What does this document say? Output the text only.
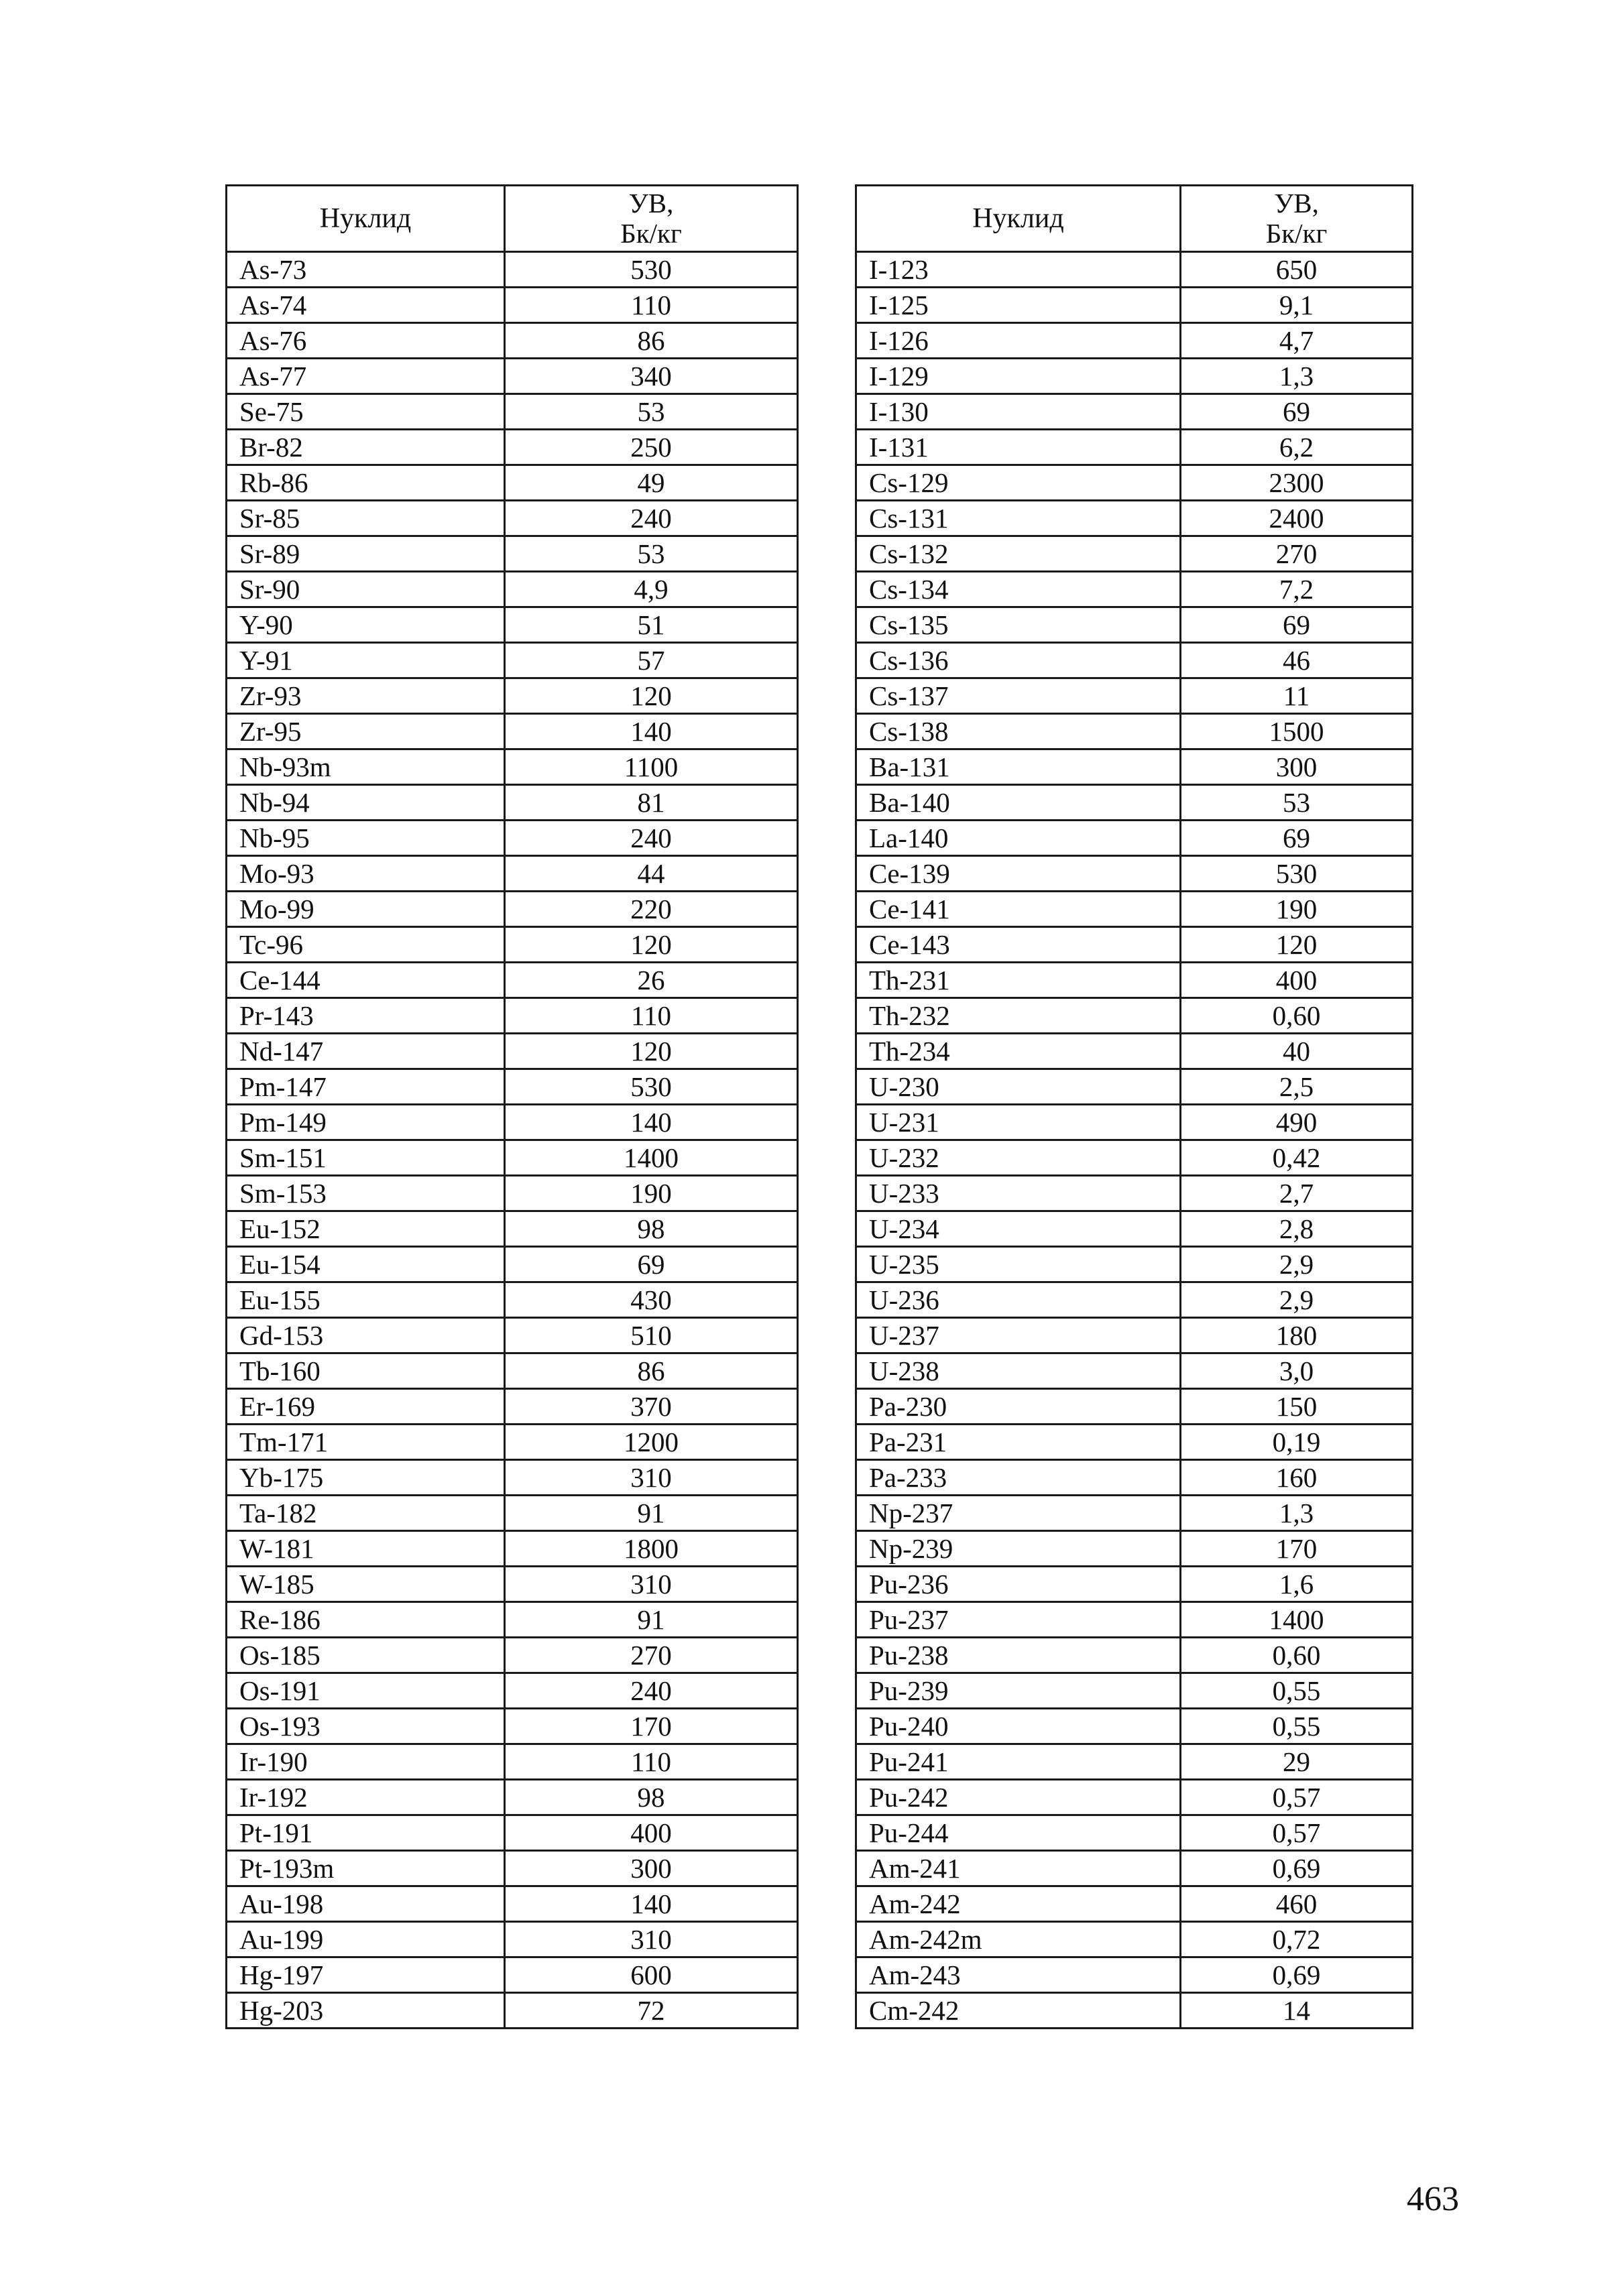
Нуклид	УВ,
Бк/кг
As-73	530
As-74	110
As-76	86
As-77	340
Se-75	53
Br-82	250
Rb-86	49
Sr-85	240
Sr-89	53
Sr-90	4,9
Y-90	51
Y-91	57
Zr-93	120
Zr-95	140
Nb-93m	1100
Nb-94	81
Nb-95	240
Mo-93	44
Mo-99	220
Tc-96	120
Ce-144	26
Pr-143	110
Nd-147	120
Pm-147	530
Pm-149	140
Sm-151	1400
Sm-153	190
Eu-152	98
Eu-154	69
Eu-155	430
Gd-153	510
Tb-160	86
Er-169	370
Tm-171	1200
Yb-175	310
Ta-182	91
W-181	1800
W-185	310
Re-186	91
Os-185	270
Os-191	240
Os-193	170
Ir-190	110
Ir-192	98
Pt-191	400
Pt-193m	300
Au-198	140
Au-199	310
Hg-197	600
Hg-203	72
Нуклид	УВ,
Бк/кг
I-123	650
I-125	9,1
I-126	4,7
I-129	1,3
I-130	69
I-131	6,2
Cs-129	2300
Cs-131	2400
Cs-132	270
Cs-134	7,2
Cs-135	69
Cs-136	46
Cs-137	11
Cs-138	1500
Ba-131	300
Ba-140	53
La-140	69
Ce-139	530
Ce-141	190
Ce-143	120
Th-231	400
Th-232	0,60
Th-234	40
U-230	2,5
U-231	490
U-232	0,42
U-233	2,7
U-234	2,8
U-235	2,9
U-236	2,9
U-237	180
U-238	3,0
Pa-230	150
Pa-231	0,19
Pa-233	160
Np-237	1,3
Np-239	170
Pu-236	1,6
Pu-237	1400
Pu-238	0,60
Pu-239	0,55
Pu-240	0,55
Pu-241	29
Pu-242	0,57
Pu-244	0,57
Am-241	0,69
Am-242	460
Am-242m	0,72
Am-243	0,69
Cm-242	14
463
